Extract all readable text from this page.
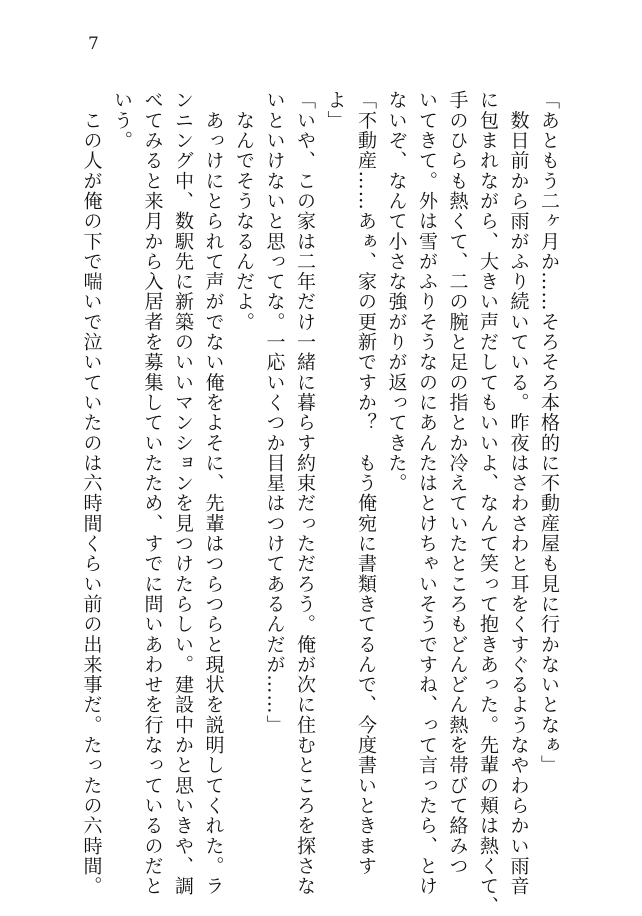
7
「あともう二ヶ月か……そろそろ本格的に不動産屋も見に行かないとなぁ」
　数日前から雨がふり続いている。昨夜はさわさわと耳をくすぐるようなやわらかい雨音
に包まれながら、大きい声だしてもいいよ、なんて笑って抱きあった。先輩の頬は熱くて、
手のひらも熱くて、二の腕と足の指とか冷えていたところもどんどん熱を帯びて絡みつ
いてきて。外は雪がふりそうなのにあんたはとけちゃいそうですね、って言ったら、とけ
ないぞ、なんて小さな強がりが返ってきた。
「不動産……あぁ、家の更新ですか？　もう俺宛に書類きてるんで、今度書いときます
よ」
「いや、この家は二年だけ一緒に暮らす約束だっただろう。俺が次に住むところを探さな
いといけないと思ってな。一応いくつか目星はつけてあるんだが……」
　なんでそうなるんだよ。
　あっけにとられて声がでない俺をよそに、先輩はつらつらと現状を説明してくれた。ラ
ンニング中、数駅先に新築のいいマンションを見つけたらしい。建設中かと思いきや、調
べてみると来月から入居者を募集していたため、すでに問いあわせを行なっているのだと
いう。
　この人が俺の下で喘いで泣いていたのは六時間くらい前の出来事だ。たったの六時間。
